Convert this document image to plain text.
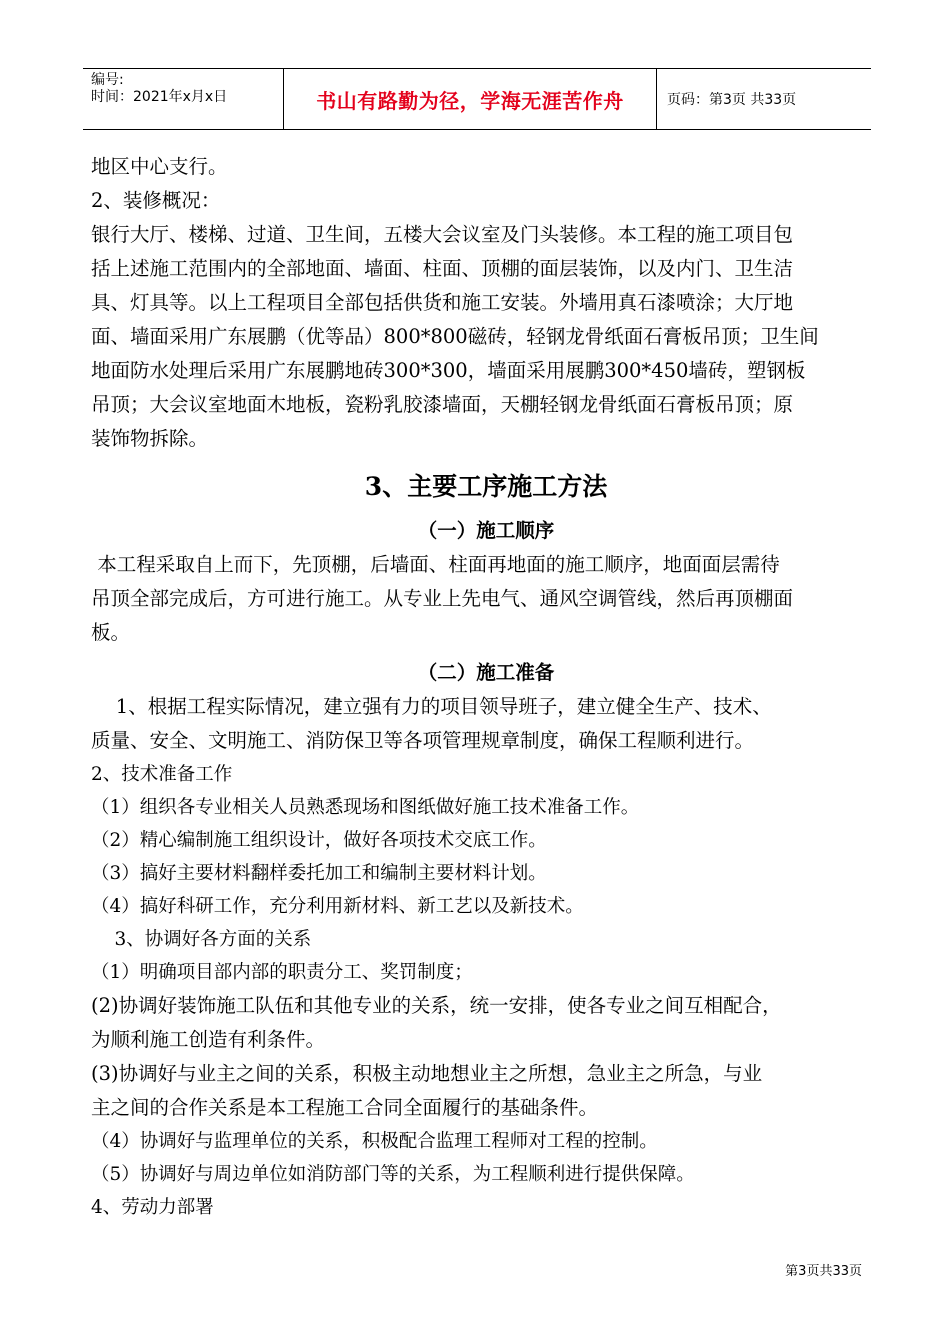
编号:
时间：2021年x月x日	书山有路勤为径，学海无涯苦作舟	页码：第3页 共33页

地区中心支行。

2、装修概况：

银行大厅、楼梯、过道、卫生间，五楼大会议室及门头装修。本工程的施工项目包
括上述施工范围内的全部地面、墙面、柱面、顶棚的面层装饰，以及内门、卫生洁
具、灯具等。以上工程项目全部包括供货和施工安装。外墙用真石漆喷涂；大厅地
面、墙面采用广东展鹏（优等品）800*800磁砖，轻钢龙骨纸面石膏板吊顶；卫生间
地面防水处理后采用广东展鹏地砖300*300，墙面采用展鹏300*450墙砖，塑钢板
吊顶；大会议室地面木地板，瓷粉乳胶漆墙面，天棚轻钢龙骨纸面石膏板吊顶；原
装饰物拆除。

3、主要工序施工方法
（一）施工顺序

本工程采取自上而下，先顶棚，后墙面、柱面再地面的施工顺序，地面面层需待
吊顶全部完成后，方可进行施工。从专业上先电气、通风空调管线，然后再顶棚面
板。

（二）施工准备

1、根据工程实际情况，建立强有力的项目领导班子，建立健全生产、技术、
质量、安全、文明施工、消防保卫等各项管理规章制度，确保工程顺利进行。

2、技术准备工作
（1）组织各专业相关人员熟悉现场和图纸做好施工技术准备工作。
（2）精心编制施工组织设计，做好各项技术交底工作。
（3）搞好主要材料翻样委托加工和编制主要材料计划。
（4）搞好科研工作，充分利用新材料、新工艺以及新技术。
3、协调好各方面的关系
（1）明确项目部内部的职责分工、奖罚制度；
(2)协调好装饰施工队伍和其他专业的关系，统一安排，使各专业之间互相配合，
为顺利施工创造有利条件。
(3)协调好与业主之间的关系，积极主动地想业主之所想，急业主之所急，与业
主之间的合作关系是本工程施工合同全面履行的基础条件。
（4）协调好与监理单位的关系，积极配合监理工程师对工程的控制。
（5）协调好与周边单位如消防部门等的关系，为工程顺利进行提供保障。
4、劳动力部署
第3页共33页
